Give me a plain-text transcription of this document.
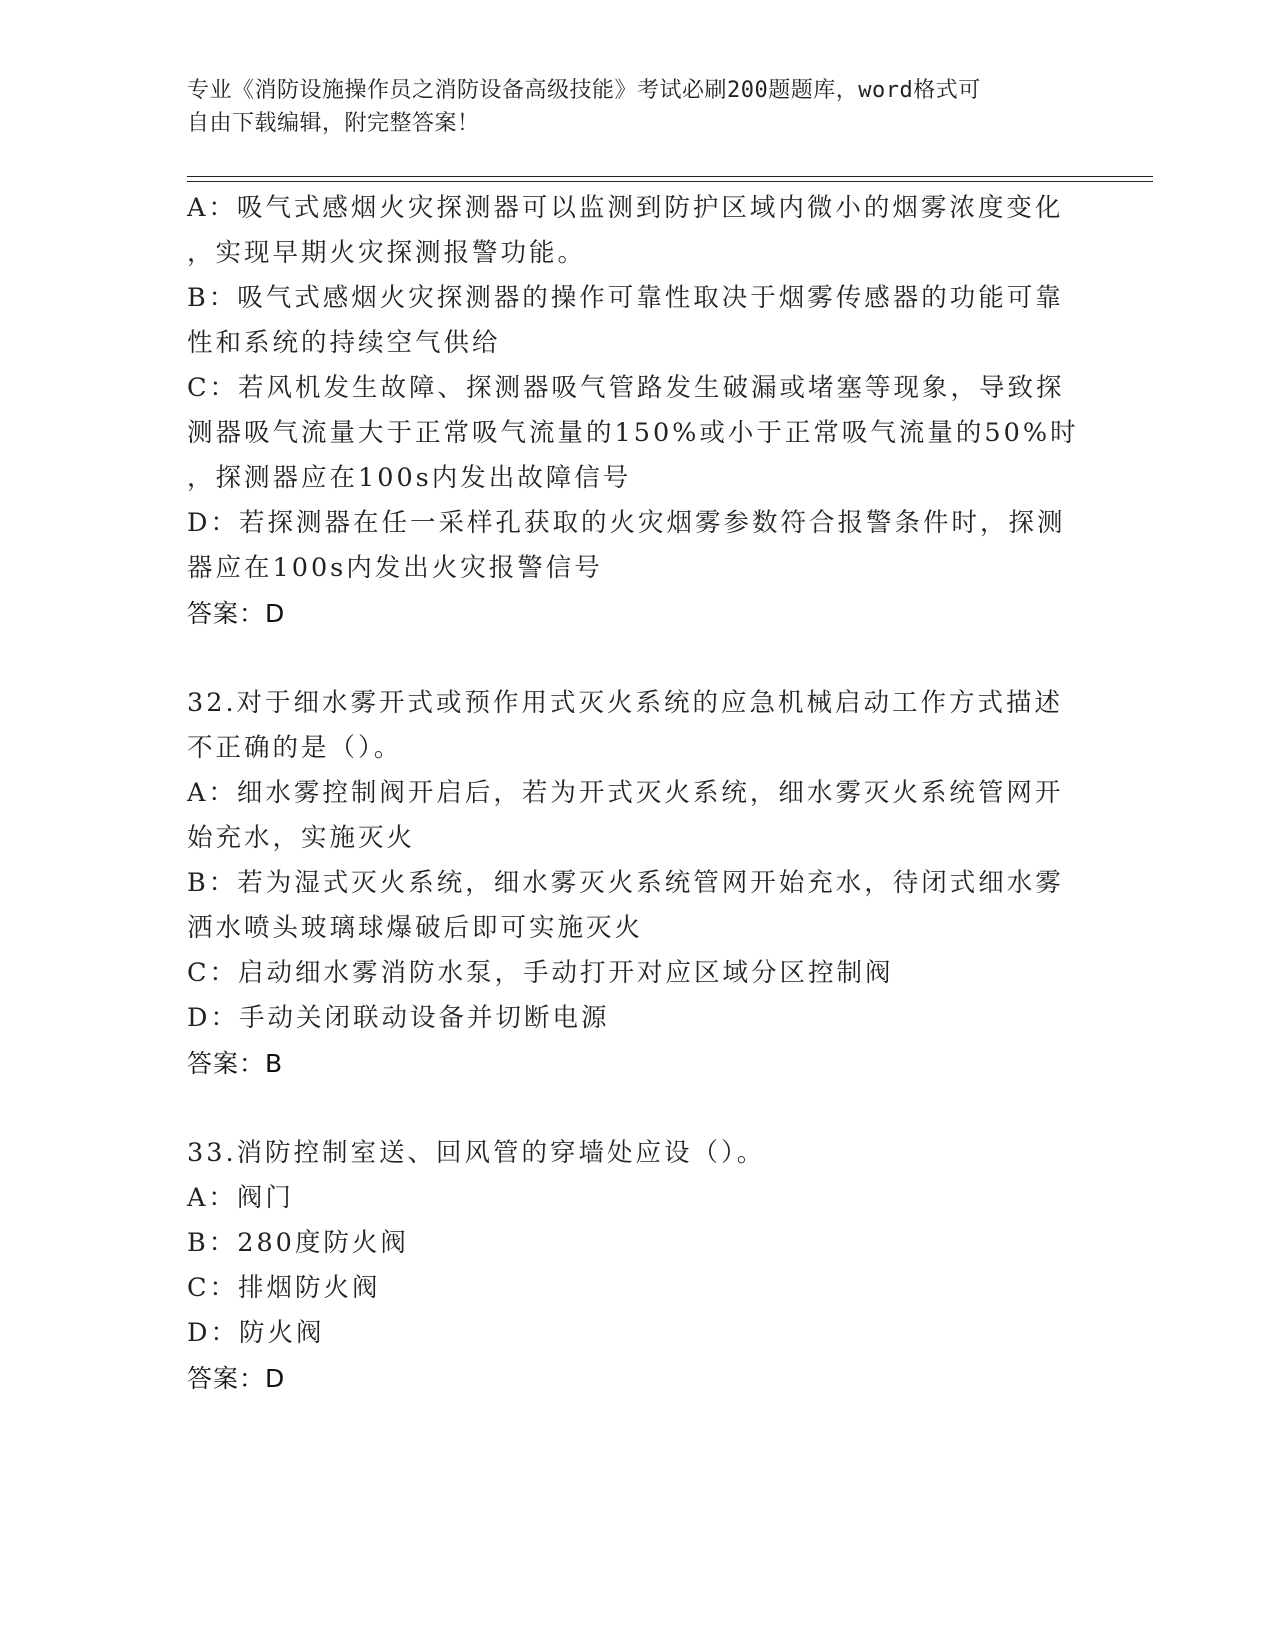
专业《消防设施操作员之消防设备高级技能》考试必刷200题题库，word格式可
自由下载编辑，附完整答案！
A：吸气式感烟火灾探测器可以监测到防护区域内微小的烟雾浓度变化
，实现早期火灾探测报警功能。
B：吸气式感烟火灾探测器的操作可靠性取决于烟雾传感器的功能可靠
性和系统的持续空气供给
C：若风机发生故障、探测器吸气管路发生破漏或堵塞等现象，导致探
测器吸气流量大于正常吸气流量的150%或小于正常吸气流量的50%时
，探测器应在100s内发出故障信号
D：若探测器在任一采样孔获取的火灾烟雾参数符合报警条件时，探测
器应在100s内发出火灾报警信号
答案：D
32.对于细水雾开式或预作用式灭火系统的应急机械启动工作方式描述
不正确的是（）。
A：细水雾控制阀开启后，若为开式灭火系统，细水雾灭火系统管网开
始充水，实施灭火
B：若为湿式灭火系统，细水雾灭火系统管网开始充水，待闭式细水雾
洒水喷头玻璃球爆破后即可实施灭火
C：启动细水雾消防水泵，手动打开对应区域分区控制阀
D：手动关闭联动设备并切断电源
答案：B
33.消防控制室送、回风管的穿墙处应设（）。
A：阀门
B：280度防火阀
C：排烟防火阀
D：防火阀
答案：D
